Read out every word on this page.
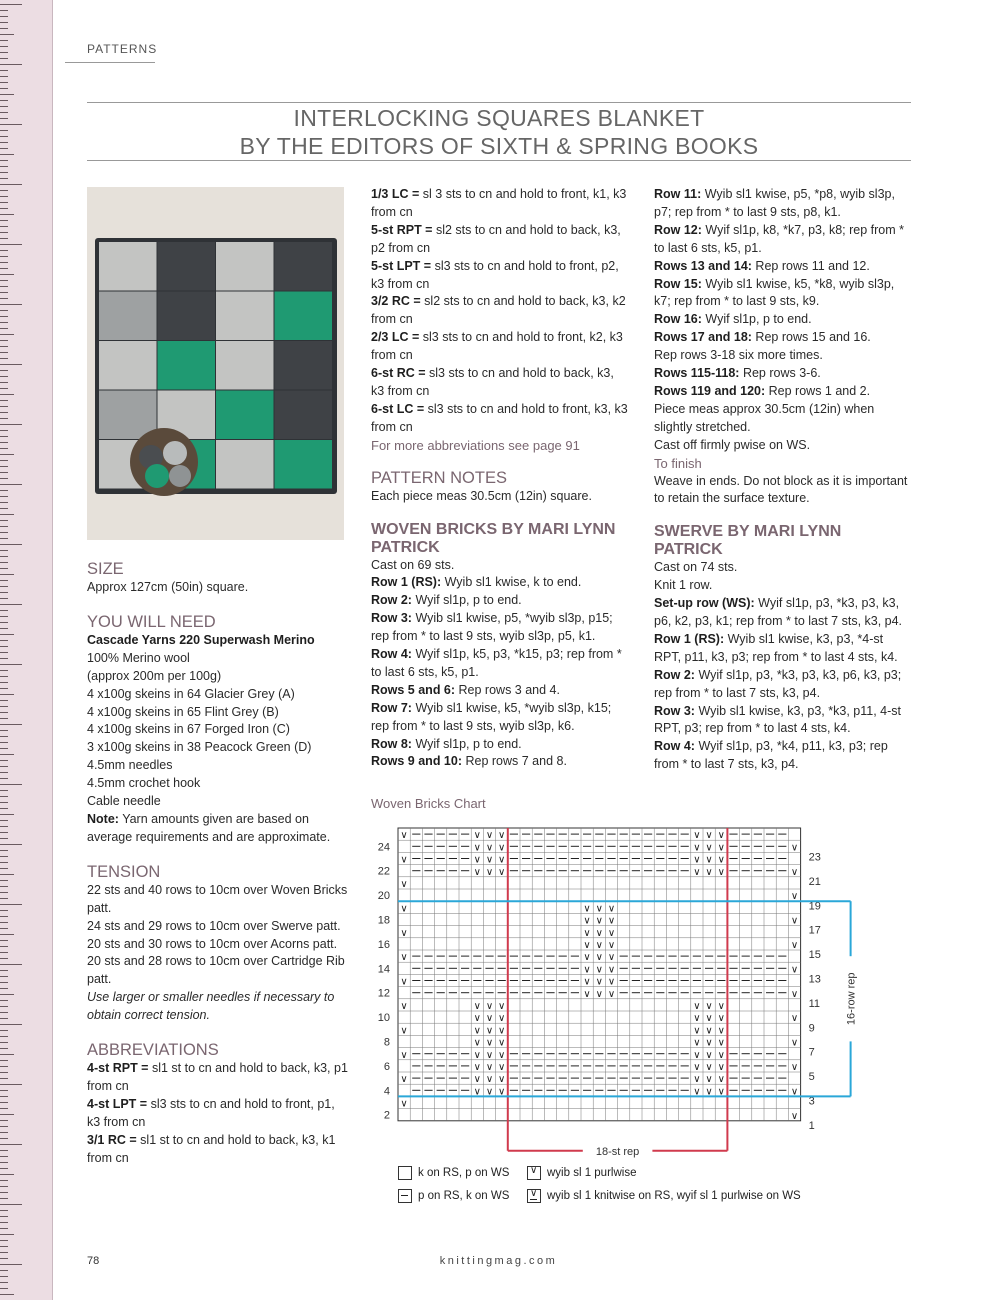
PATTERNS
INTERLOCKING SQUARES BLANKET
BY THE EDITORS OF SIXTH & SPRING BOOKS

SIZE

Approx 127cm (50in) square.

YOU WILL NEED

Cascade Yarns 220 Superwash Merino

100% Merino wool

(approx 200m per 100g)

4 x100g skeins in 64 Glacier Grey (A)

4 x100g skeins in 65 Flint Grey (B)

4 x100g skeins in 67 Forged Iron (C)

3 x100g skeins in 38 Peacock Green (D)

4.5mm needles

4.5mm crochet hook

Cable needle

Note: Yarn amounts given are based on average requirements and are approximate.

TENSION

22 sts and 40 rows to 10cm over Woven Bricks patt.

24 sts and 29 rows to 10cm over Swerve patt.

20 sts and 30 rows to 10cm over Acorns patt.

20 sts and 28 rows to 10cm over Cartridge Rib patt.

Use larger or smaller needles if necessary to obtain correct tension.

ABBREVIATIONS

4-st RPT = sl1 st to cn and hold to back, k3, p1 from cn

4-st LPT = sl3 sts to cn and hold to front, p1, k3 from cn

3/1 RC = sl1 st to cn and hold to back, k3, k1 from cn

1/3 LC = sl 3 sts to cn and hold to front, k1, k3 from cn

5-st RPT = sl2 sts to cn and hold to back, k3, p2 from cn

5-st LPT = sl3 sts to cn and hold to front, p2, k3 from cn

3/2 RC = sl2 sts to cn and hold to back, k3, k2 from cn

2/3 LC = sl3 sts to cn and hold to front, k2, k3 from cn

6-st RC = sl3 sts to cn and hold to back, k3, k3 from cn

6-st LC = sl3 sts to cn and hold to front, k3, k3 from cn

For more abbreviations see page 91

PATTERN NOTES

Each piece meas 30.5cm (12in) square.

WOVEN BRICKS BY MARI LYNN PATRICK

Cast on 69 sts.

Row 1 (RS): Wyib sl1 kwise, k to end.

Row 2: Wyif sl1p, p to end.

Row 3: Wyib sl1 kwise, p5, *wyib sl3p, p15; rep from * to last 9 sts, wyib sl3p, p5, k1.

Row 4: Wyif sl1p, k5, p3, *k15, p3; rep from * to last 6 sts, k5, p1.

Rows 5 and 6: Rep rows 3 and 4.

Row 7: Wyib sl1 kwise, k5, *wyib sl3p, k15; rep from * to last 9 sts, wyib sl3p, k6.

Row 8: Wyif sl1p, p to end.

Rows 9 and 10: Rep rows 7 and 8.

Row 11: Wyib sl1 kwise, p5, *p8, wyib sl3p, p7; rep from * to last 9 sts, p8, k1.

Row 12: Wyif sl1p, k8, *k7, p3, k8; rep from * to last 6 sts, k5, p1.

Rows 13 and 14: Rep rows 11 and 12.

Row 15: Wyib sl1 kwise, k5, *k8, wyib sl3p, k7; rep from * to last 9 sts, k9.

Row 16: Wyif sl1p, p to end.

Rows 17 and 18: Rep rows 15 and 16.

Rep rows 3-18 six more times.

Rows 115-118: Rep rows 3-6.

Rows 119 and 120: Rep rows 1 and 2.

Piece meas approx 30.5cm (12in) when slightly stretched.

Cast off firmly pwise on WS.

To finish

Weave in ends. Do not block as it is important to retain the surface texture.

SWERVE BY MARI LYNN PATRICK

Cast on 74 sts.

Knit 1 row.

Set-up row (WS): Wyif sl1p, p3, *k3, p3, k3, p6, k2, p3, k1; rep from * to last 7 sts, k3, p4.

Row 1 (RS): Wyib sl1 kwise, k3, p3, *4-st RPT, p11, k3, p3; rep from * to last 4 sts, k4.

Row 2: Wyif sl1p, p3, *k3, p3, k3, p6, k3, p3; rep from * to last 7 sts, k3, p4.

Row 3: Wyib sl1 kwise, k3, p3, *k3, p11, 4-st RPT, p3; rep from * to last 4 sts, k4.

Row 4: Wyif sl1p, p3, *k4, p11, k3, p3; rep from * to last 7 sts, k3, p4.

Woven Bricks Chart
∨
∨
∨
∨ ∨ ∨	∨ ∨ ∨
∨	∨ ∨ ∨	∨ ∨ ∨
∨
∨ ∨ ∨	∨ ∨ ∨
∨	∨ ∨ ∨	∨ ∨ ∨
∨
∨ ∨ ∨	∨ ∨ ∨
∨	∨ ∨ ∨	∨ ∨ ∨
∨
∨ ∨ ∨	∨ ∨ ∨
∨	∨ ∨ ∨	∨ ∨ ∨
∨
∨ ∨ ∨
∨	∨ ∨ ∨
∨
∨ ∨ ∨
∨	∨ ∨ ∨
∨
∨ ∨ ∨
∨	∨ ∨ ∨
∨
∨ ∨ ∨
∨	∨ ∨ ∨
∨
∨
∨
∨ ∨ ∨	∨ ∨ ∨
∨	∨ ∨ ∨	∨ ∨ ∨
∨
∨ ∨ ∨	∨ ∨ ∨
∨	∨ ∨ ∨	∨ ∨ ∨
24
22
20
18
16
14
12
10
8
6
4
2
23
21
19
17
15
13
11
9
7
5
3
1
18-st rep
16-row rep
k on RS, p on WS ∨ wyib sl 1 purlwise
p on RS, k on WS ∨ wyib sl 1 knitwise on RS, wyif sl 1 purlwise on WS
78	knittingmag.com
